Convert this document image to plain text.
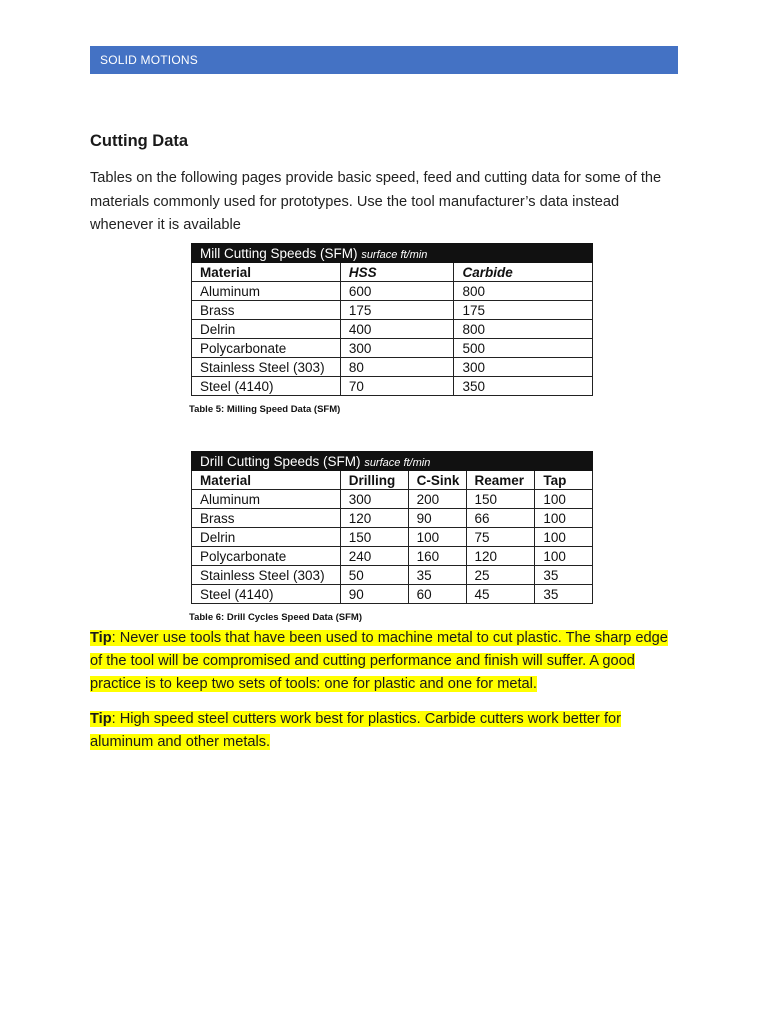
SOLID MOTIONS
Cutting Data
Tables on the following pages provide basic speed, feed and cutting data for some of the materials commonly used for prototypes. Use the tool manufacturer’s data instead whenever it is available
Mill Cutting Speeds (SFM) surface ft/min		
Material	HSS	Carbide
Aluminum	600	800
Brass	175	175
Delrin	400	800
Polycarbonate	300	500
Stainless Steel (303)	80	300
Steel (4140)	70	350
Table 5: Milling Speed Data (SFM)
Drill Cutting Speeds (SFM) surface ft/min				
Material	Drilling	C-Sink	Reamer	Tap
Aluminum	300	200	150	100
Brass	120	90	66	100
Delrin	150	100	75	100
Polycarbonate	240	160	120	100
Stainless Steel (303)	50	35	25	35
Steel (4140)	90	60	45	35
Table 6: Drill Cycles Speed Data (SFM)
Tip: Never use tools that have been used to machine metal to cut plastic. The sharp edge of the tool will be compromised and cutting performance and finish will suffer. A good practice is to keep two sets of tools: one for plastic and one for metal.
Tip: High speed steel cutters work best for plastics. Carbide cutters work better for aluminum and other metals.
